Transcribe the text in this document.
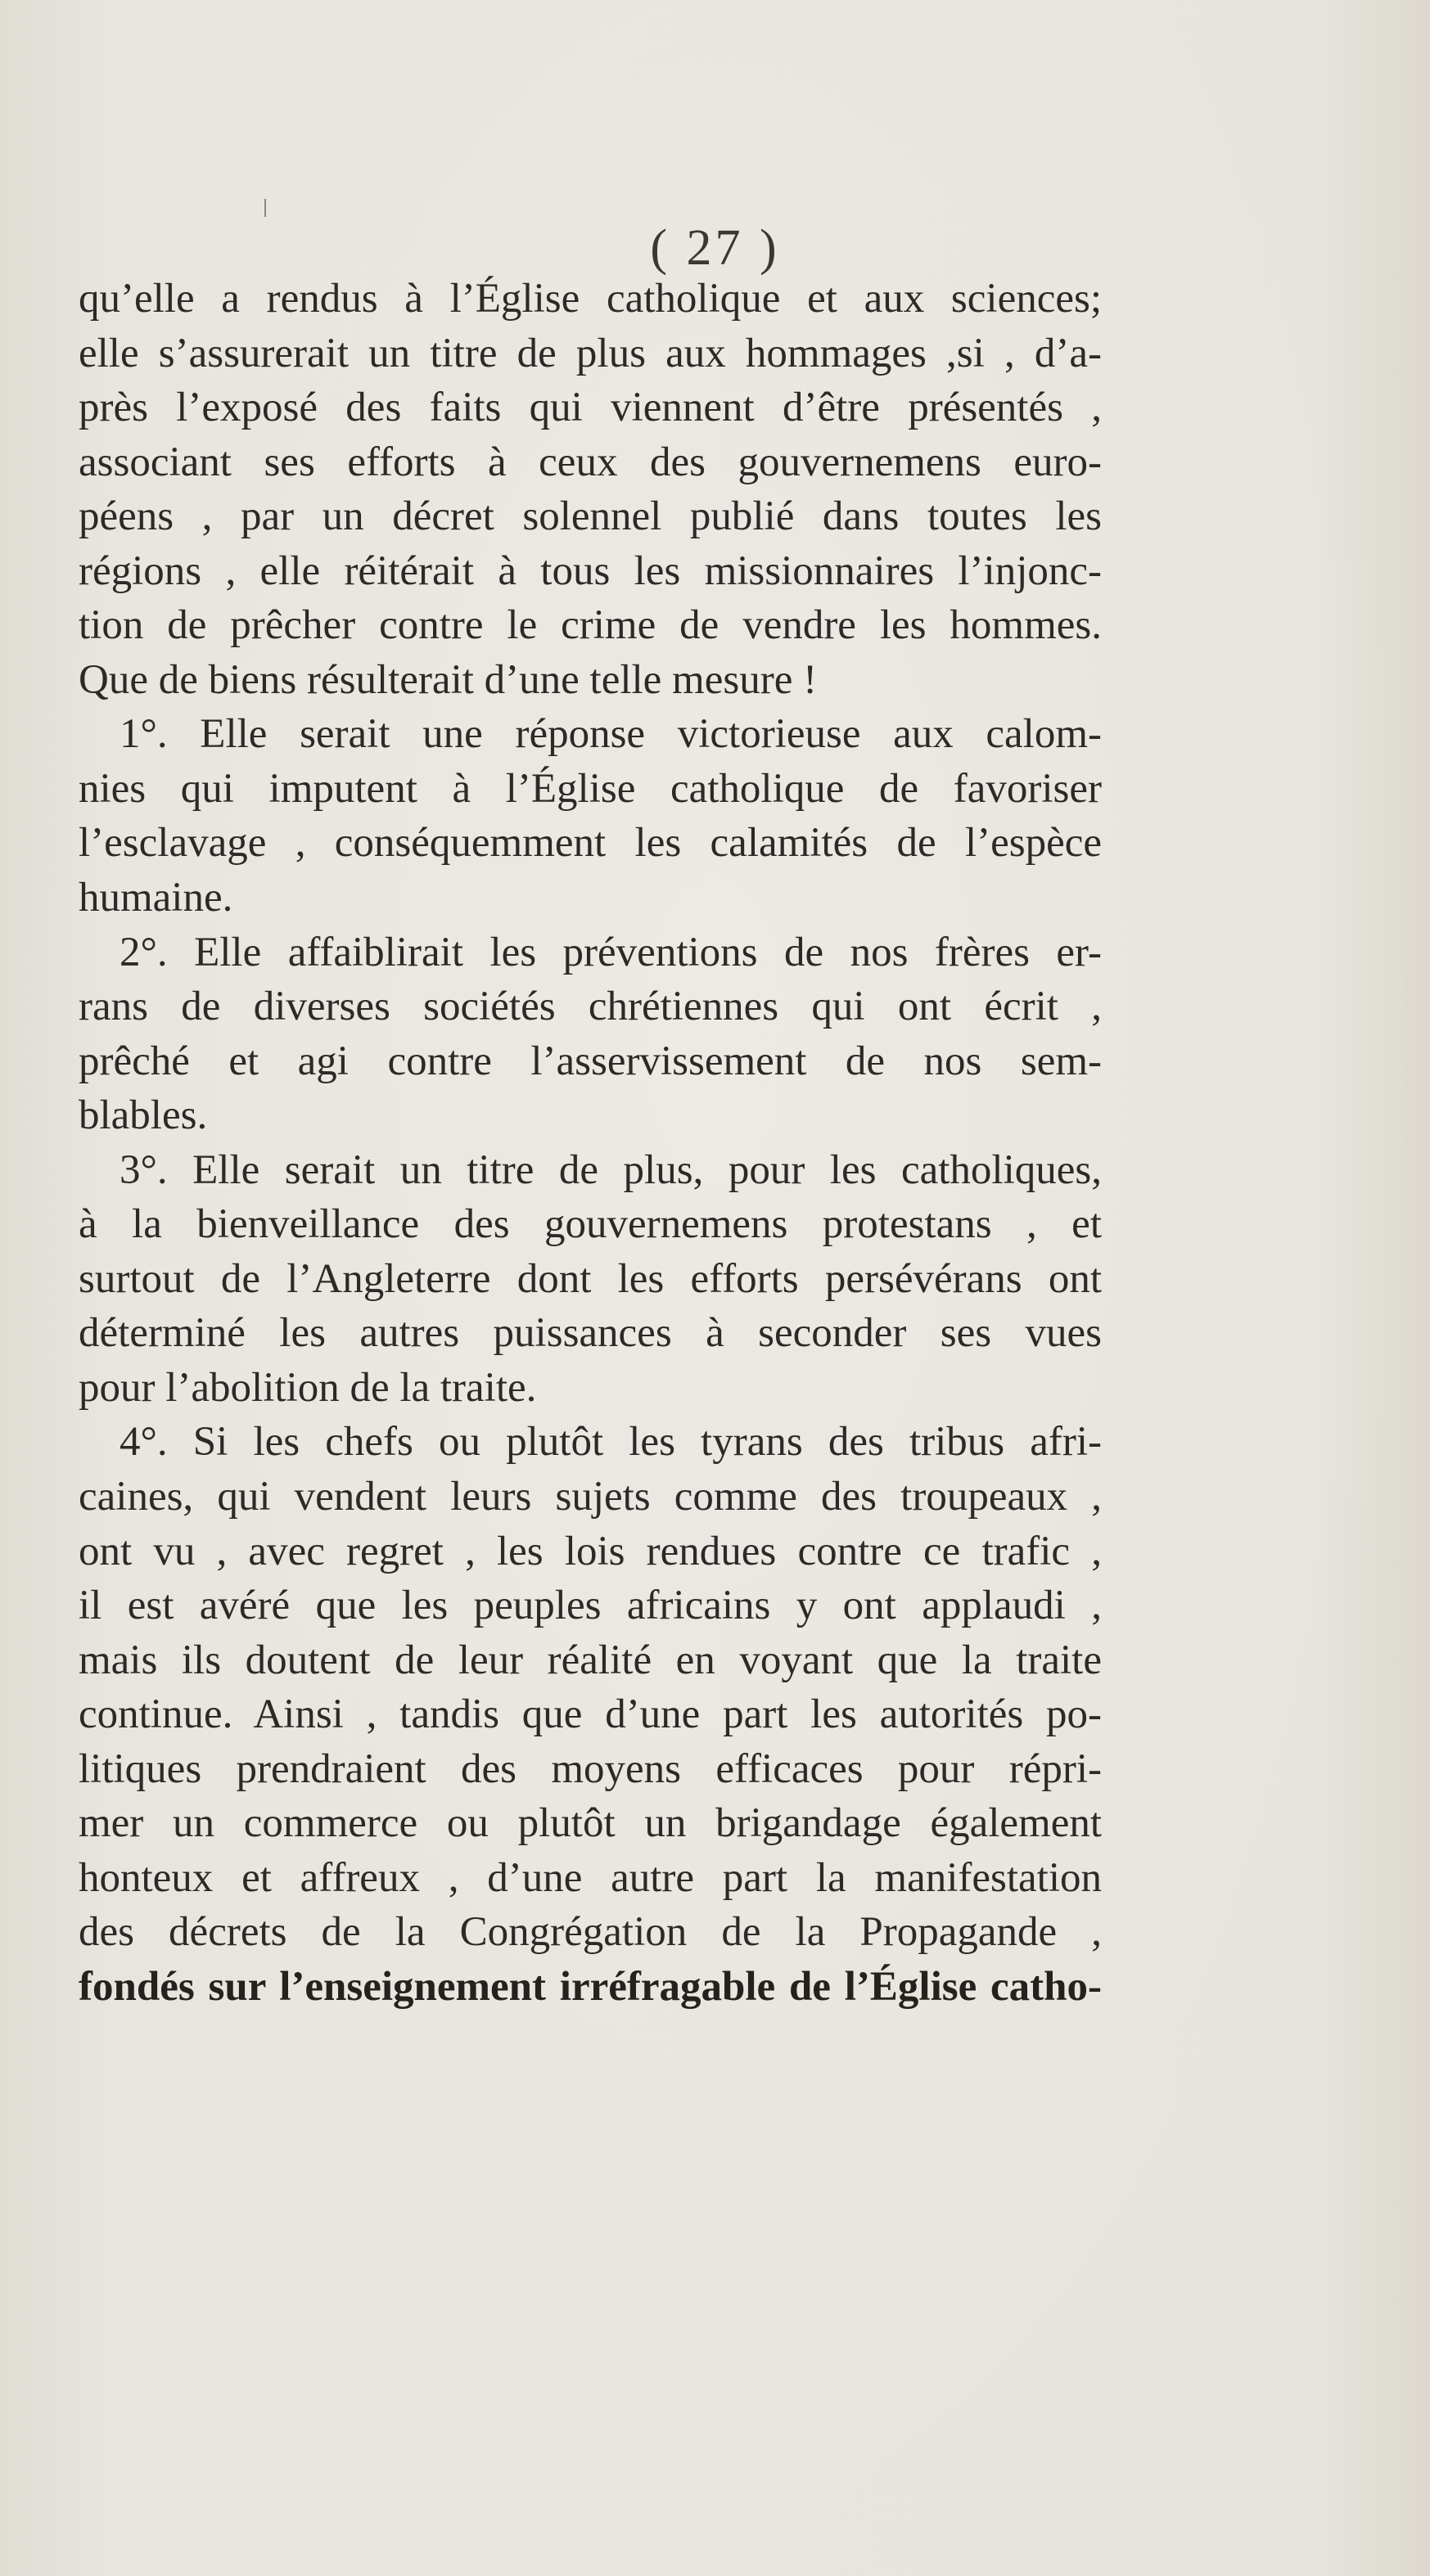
( 27 )
qu’elle a rendus à l’Église catholique et aux sciences;
elle s’assurerait un titre de plus aux hommages ,si , d’a-
près l’exposé des faits qui viennent d’être présentés ,
associant ses efforts à ceux des gouvernemens euro-
péens , par un décret solennel publié dans toutes les
régions , elle réitérait à tous les missionnaires l’injonc-
tion de prêcher contre le crime de vendre les hommes.
Que de biens résulterait d’une telle mesure !
1°. Elle serait une réponse victorieuse aux calom-
nies qui imputent à l’Église catholique de favoriser
l’esclavage , conséquemment les calamités de l’espèce
humaine.
2°. Elle affaiblirait les préventions de nos frères er-
rans de diverses sociétés chrétiennes qui ont écrit ,
prêché et agi contre l’asservissement de nos sem-
blables.
3°. Elle serait un titre de plus, pour les catholiques,
à la bienveillance des gouvernemens protestans , et
surtout de l’Angleterre dont les efforts persévérans ont
déterminé les autres puissances à seconder ses vues
pour l’abolition de la traite.
4°. Si les chefs ou plutôt les tyrans des tribus afri-
caines, qui vendent leurs sujets comme des troupeaux ,
ont vu , avec regret , les lois rendues contre ce trafic ,
il est avéré que les peuples africains y ont applaudi ,
mais ils doutent de leur réalité en voyant que la traite
continue. Ainsi , tandis que d’une part les autorités po-
litiques prendraient des moyens efficaces pour répri-
mer un commerce ou plutôt un brigandage également
honteux et affreux , d’une autre part la manifestation
des décrets de la Congrégation de la Propagande ,
fondés sur l’enseignement irréfragable de l’Église catho-
